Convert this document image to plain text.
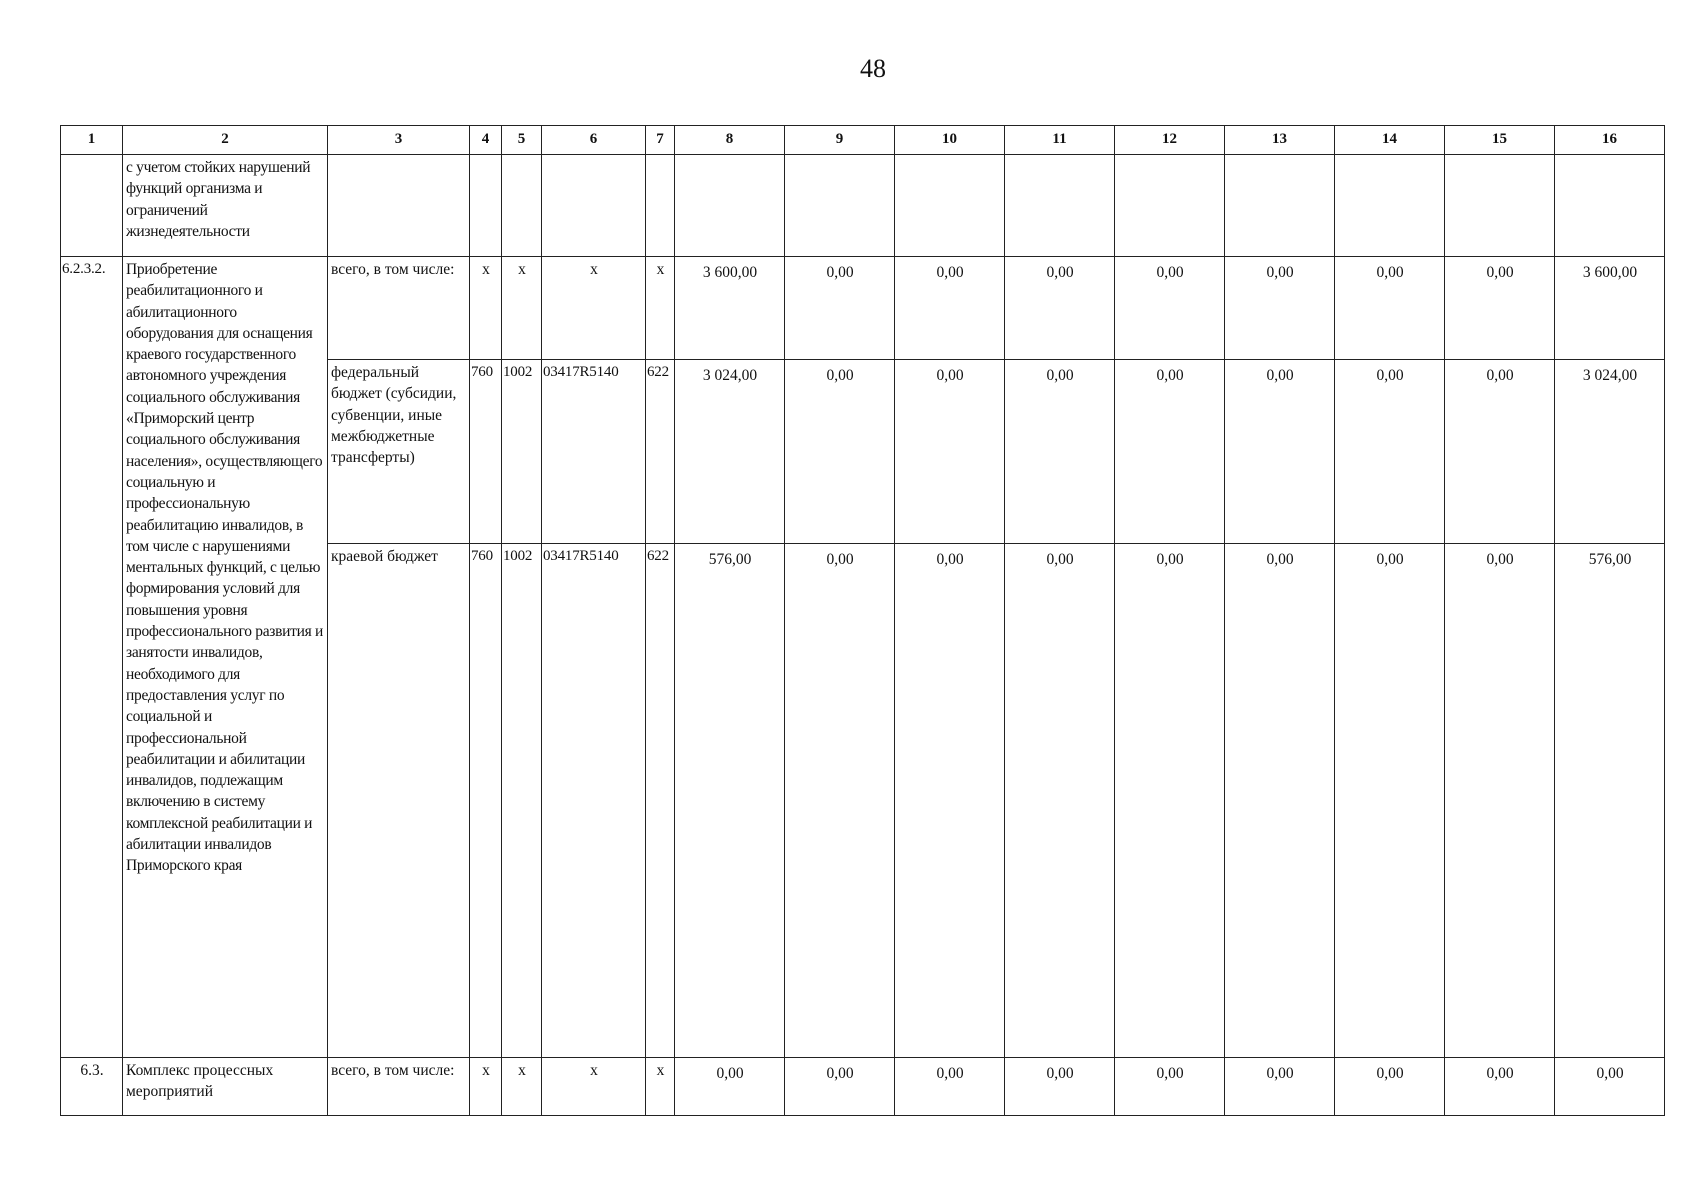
48
1	2	3	4	5	6	7	8	9	10	11	12	13	14	15	16
	с учетом стойких нарушений функций организма и ограничений жизнедеятельности														
6.2.3.2.	Приобретение реабилитационного и абилитационного оборудования для оснащения краевого государственного автономного учреждения социального обслуживания «Приморский центр социального обслуживания населения», осуществляющего социальную и профессиональную реабилитацию инвалидов, в том числе с нарушениями ментальных функций, с целью формирования условий для повышения уровня профессионального развития и занятости инвалидов, необходимого для предоставления услуг по социальной и профессиональной реабилитации и абилитации инвалидов, подлежащим включению в систему комплексной реабилитации и абилитации инвалидов Приморского края	всего, в том числе:	х	х	х	х	3 600,00	0,00	0,00	0,00	0,00	0,00	0,00	0,00	3 600,00
		федеральный бюджет (субсидии, субвенции, иные межбюджетные трансферты)	760	1002	03417R5140	622	3 024,00	0,00	0,00	0,00	0,00	0,00	0,00	0,00	3 024,00
		краевой бюджет	760	1002	03417R5140	622	576,00	0,00	0,00	0,00	0,00	0,00	0,00	0,00	576,00
6.3.	Комплекс процессных мероприятий	всего, в том числе:	х	х	х	х	0,00	0,00	0,00	0,00	0,00	0,00	0,00	0,00	0,00
